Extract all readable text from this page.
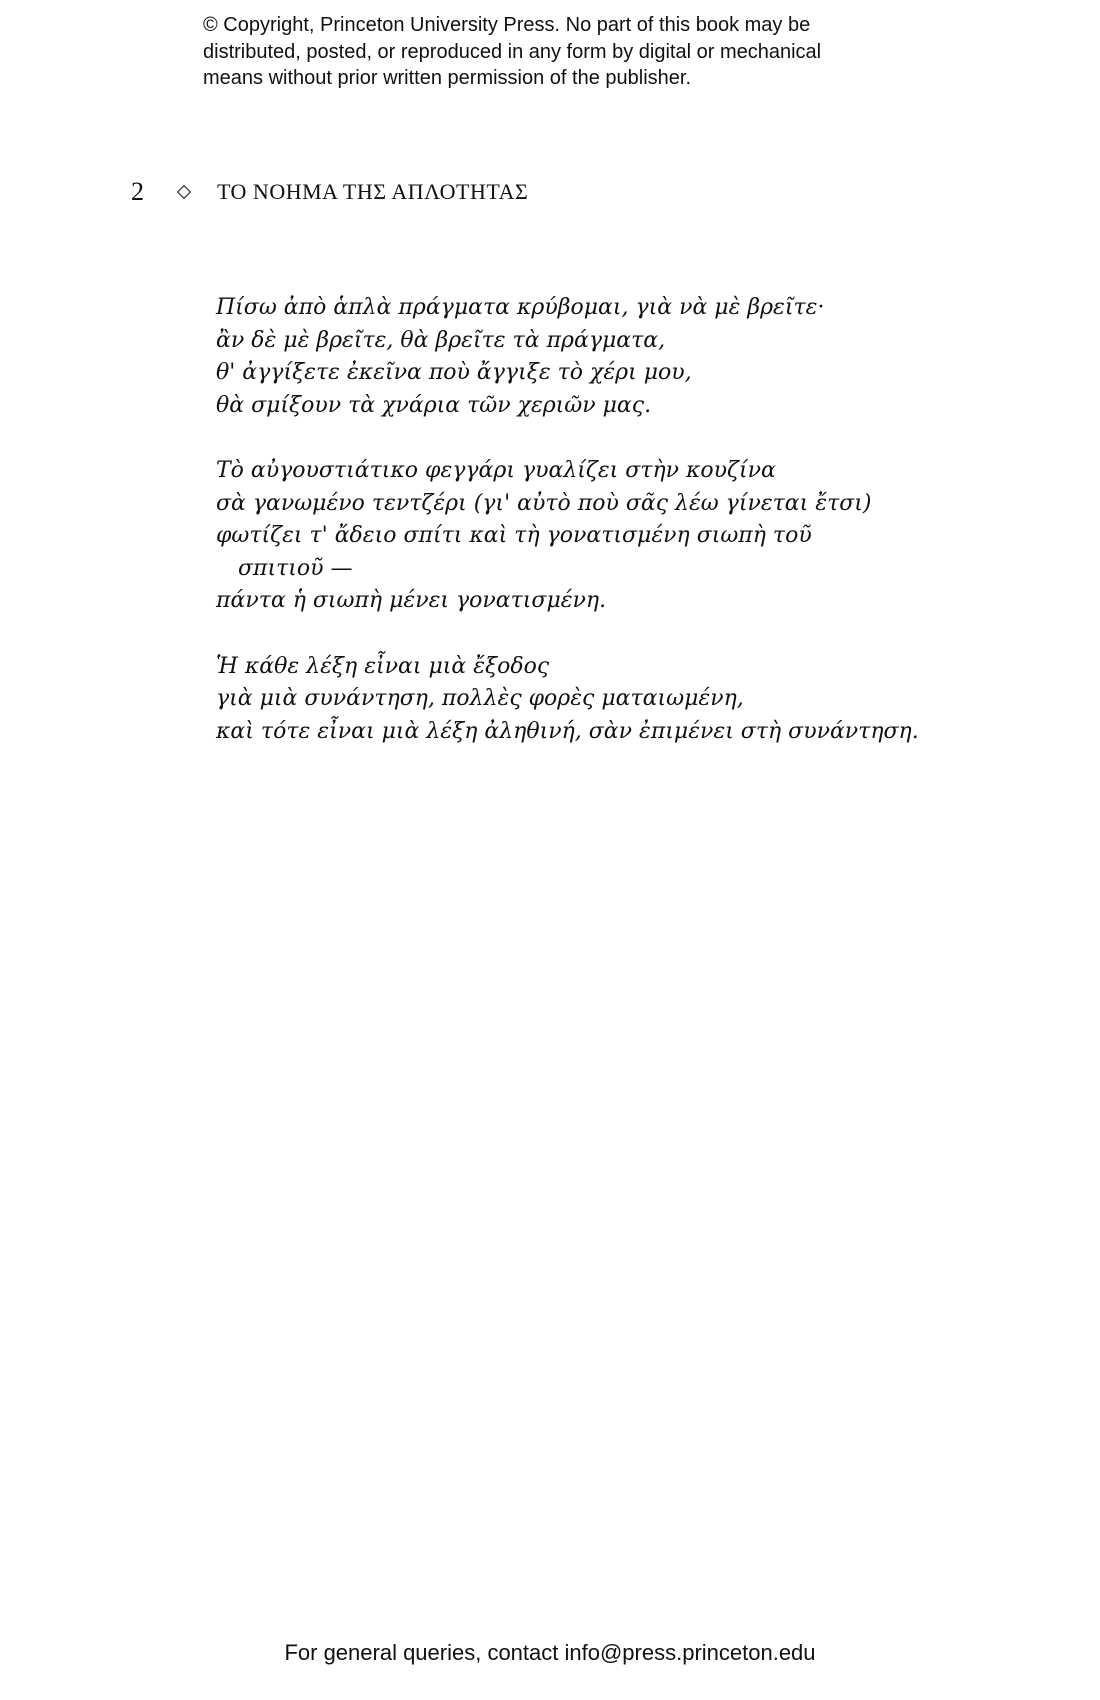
© Copyright, Princeton University Press. No part of this book may be

distributed, posted, or reproduced in any form by digital or mechanical

means without prior written permission of the publisher.

2	ΤΟ ΝΟΗΜΑ ΤΗΣ ΑΠΛΟΤΗΤΑΣ
Πίσω ἀπὸ ἁπλὰ πράγματα κρύβομαι, γιὰ νὰ μὲ βρεῖτε·
ἂν δὲ μὲ βρεῖτε, θὰ βρεῖτε τὰ πράγματα,
θ' ἀγγίξετε ἐκεῖνα ποὺ ἄγγιξε τὸ χέρι μου,
θὰ σμίξουν τὰ χνάρια τῶν χεριῶν μας.
Τὸ αὐγουστιάτικο φεγγάρι γυαλίζει στὴν κουζίνα
σὰ γανωμένο τεντζέρι (γι' αὐτὸ ποὺ σᾶς λέω γίνεται ἔτσι)
φωτίζει τ' ἄδειο σπίτι καὶ τὴ γονατισμένη σιωπὴ τοῦ
σπιτιοῦ —
πάντα ἡ σιωπὴ μένει γονατισμένη.
Ἡ κάθε λέξη εἶναι μιὰ ἔξοδος
γιὰ μιὰ συνάντηση, πολλὲς φορὲς ματαιωμένη,
καὶ τότε εἶναι μιὰ λέξη ἀληθινή, σὰν ἐπιμένει στὴ συνάντηση.
For general queries, contact info@press.princeton.edu
